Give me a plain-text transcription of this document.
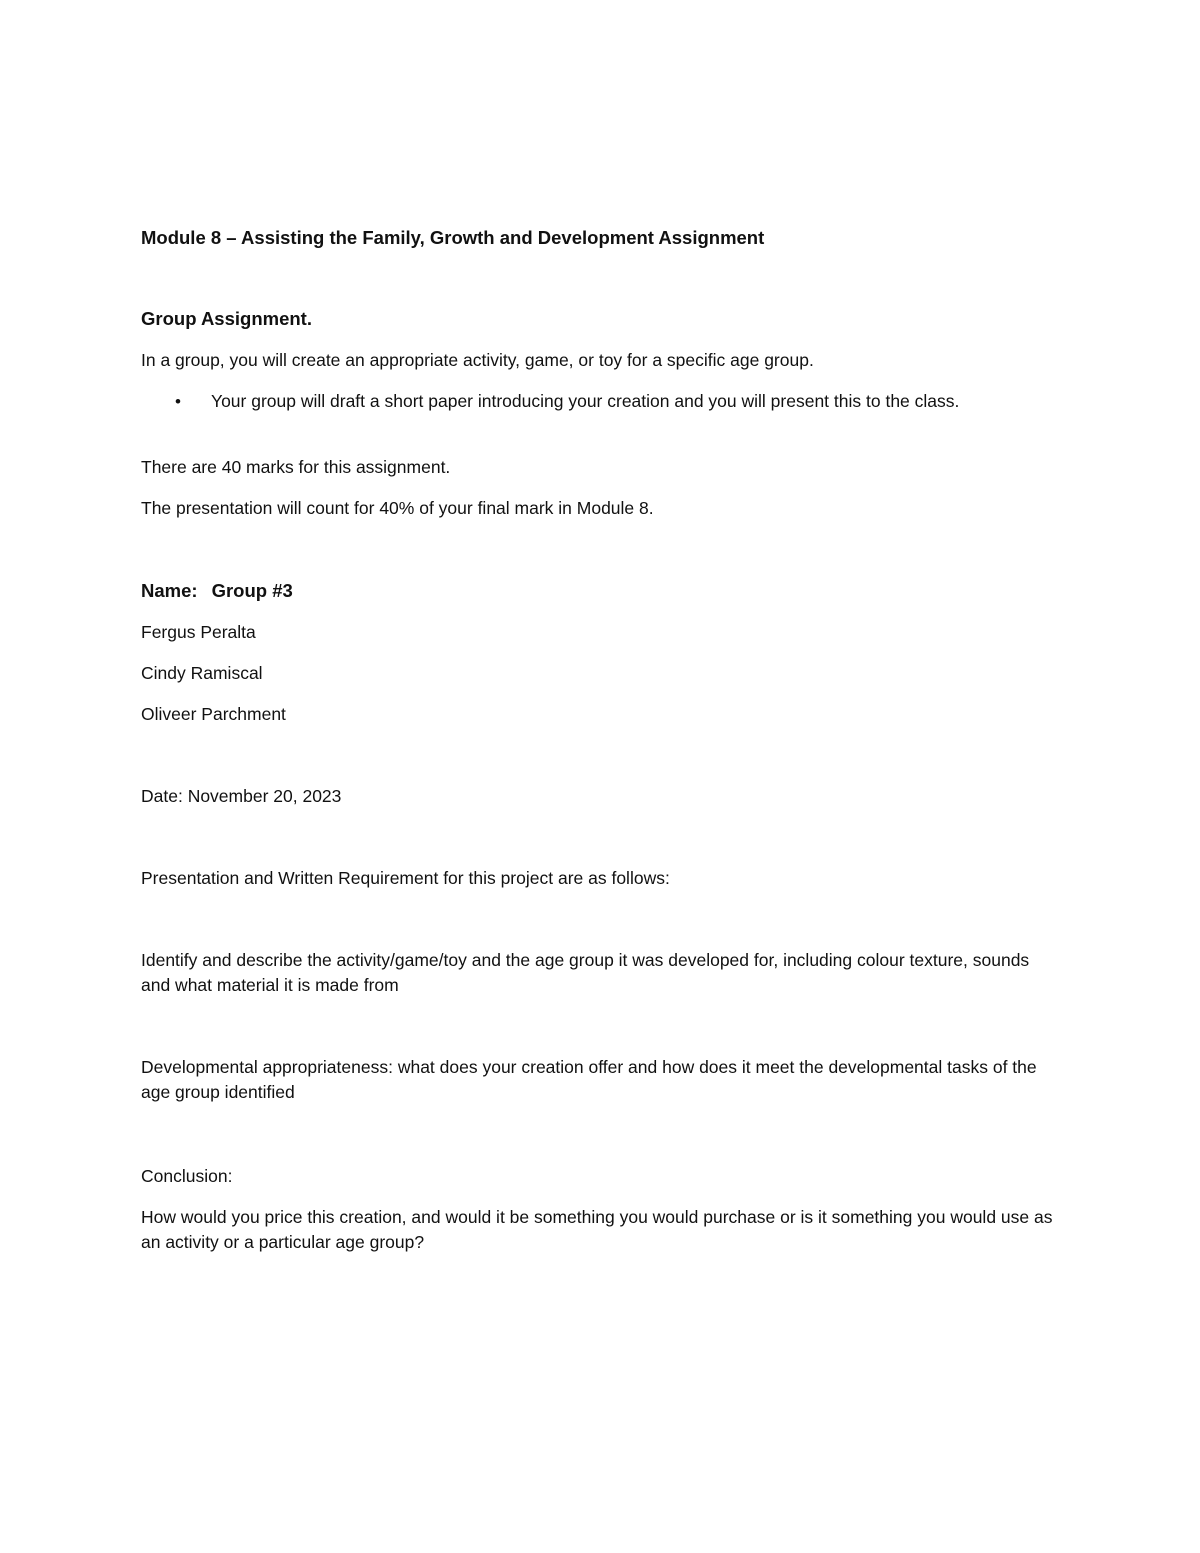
Module 8 – Assisting the Family, Growth and Development Assignment

Group Assignment.

In a group, you will create an appropriate activity, game, or toy for a specific age group.

• Your group will draft a short paper introducing your creation and you will present this to the class.

There are 40 marks for this assignment.

The presentation will count for 40% of your final mark in Module 8.

Name: Group #3

Fergus Peralta

Cindy Ramiscal

Oliveer Parchment

Date: November 20, 2023

Presentation and Written Requirement for this project are as follows:

Identify and describe the activity/game/toy and the age group it was developed for, including colour texture, sounds and what material it is made from

Developmental appropriateness: what does your creation offer and how does it meet the developmental tasks of the age group identified

Conclusion:

How would you price this creation, and would it be something you would purchase or is it something you would use as an activity or a particular age group?
